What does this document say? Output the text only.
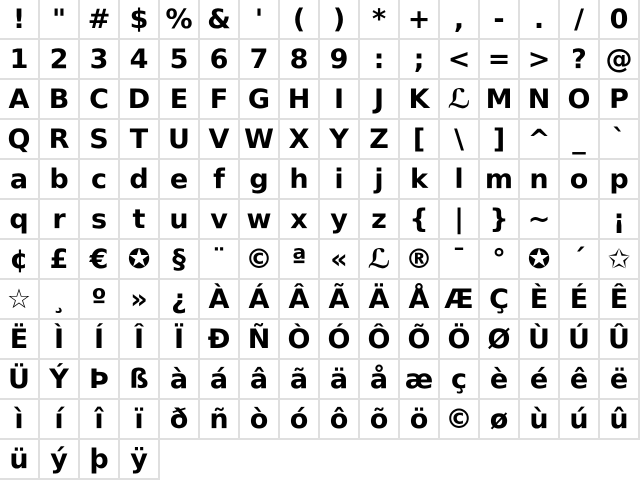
! " # $ % & '	(	) * + ,	-	.	/ 0
1 2 3 4 5 6 7 8 9 :	; < = > ? @
A B C D E F G H I	J K ℒ M N O P
Q R S T U V W X Y Z [	\	] ^ _ `
a b c d e f g h i	j k l m n o p
q r s t u v w x y z { | } ~	¡
¢ £ € ✪ § ¨ © ª « ℒ ® ¯ ° ✪ ´ ✩
☆ ¸ º » ¿ À Á Â Ã Ä Å Æ Ç È É Ê
Ë Ì	Í	Î	Ï Ð Ñ Ò Ó Ô Õ Ö Ø Ù Ú Û
Ü Ý Þ ß à á â ã ä å æ ç è é ê ë
ì	í	î	ï ð ñ ò ó ô õ ö © ø ù ú û
ü ý þ ÿ
